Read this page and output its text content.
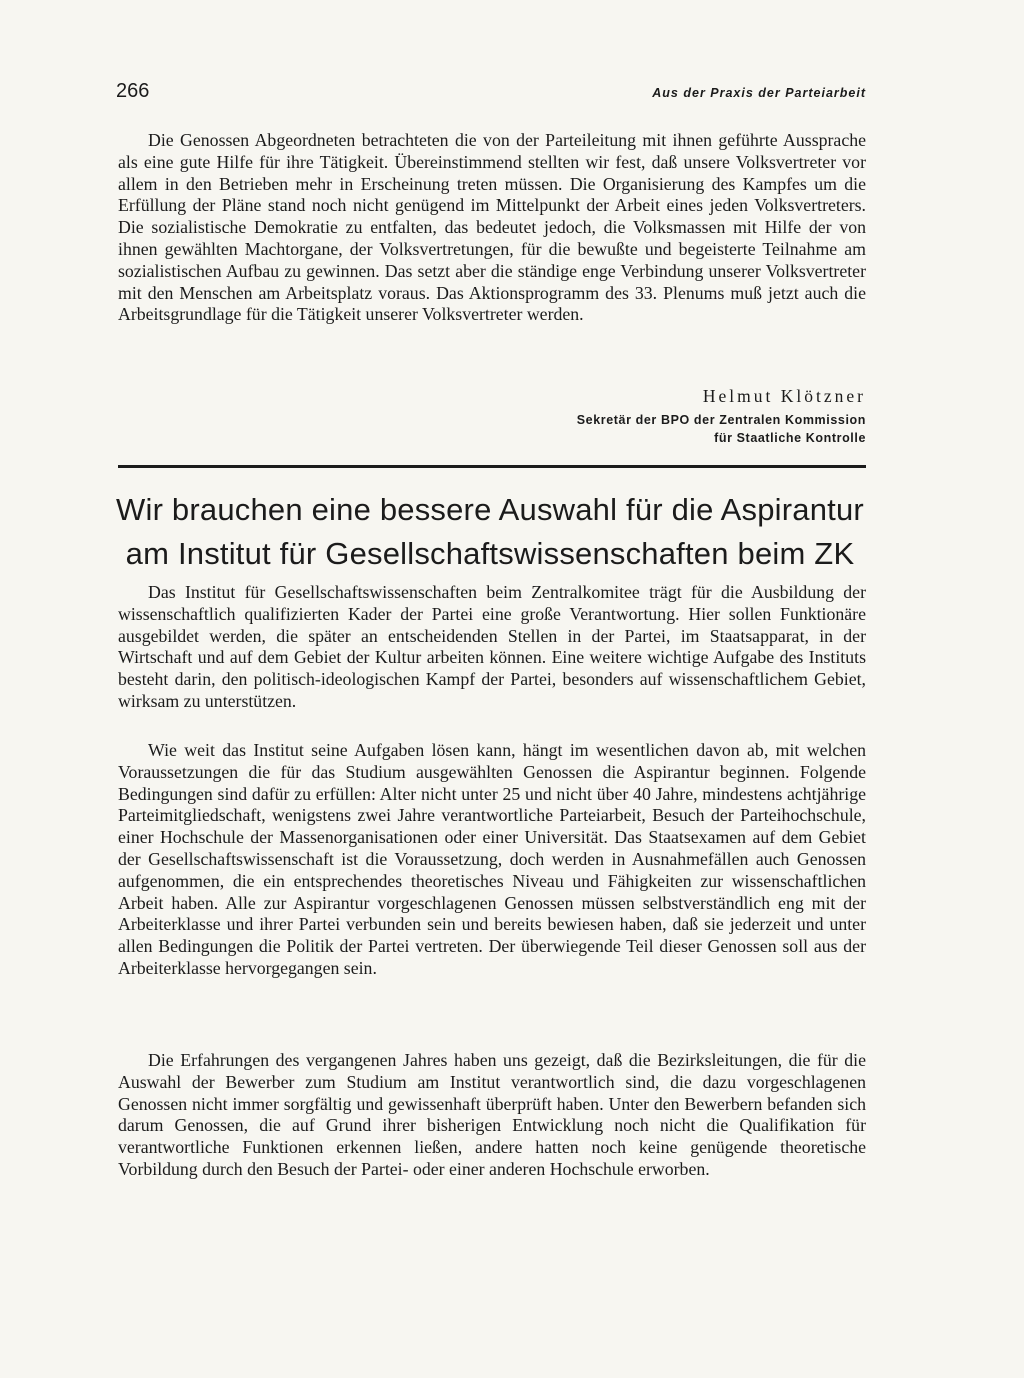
266	Aus der Praxis der Parteiarbeit

Die Genossen Abgeordneten betrachteten die von der Parteileitung mit ihnen geführte Aussprache als eine gute Hilfe für ihre Tätigkeit. Übereinstimmend stellten wir fest, daß unsere Volksvertreter vor allem in den Betrieben mehr in Erscheinung treten müssen. Die Organisierung des Kampfes um die Erfüllung der Pläne stand noch nicht genügend im Mittelpunkt der Arbeit eines jeden Volksvertreters. Die sozialistische Demokratie zu entfalten, das bedeutet jedoch, die Volksmassen mit Hilfe der von ihnen gewählten Machtorgane, der Volksvertretungen, für die bewußte und begeisterte Teilnahme am sozialistischen Aufbau zu gewinnen. Das setzt aber die ständige enge Verbindung unserer Volksvertreter mit den Menschen am Arbeitsplatz voraus. Das Aktionsprogramm des 33. Plenums muß jetzt auch die Arbeitsgrundlage für die Tätigkeit unserer Volksvertreter werden.

Helmut Klötzner
Sekretär der BPO der Zentralen Kommission
für Staatliche Kontrolle
Wir brauchen eine bessere Auswahl für die Aspirantur
am Institut für Gesellschaftswissenschaften beim ZK

Das Institut für Gesellschaftswissenschaften beim Zentralkomitee trägt für die Ausbildung der wissenschaftlich qualifizierten Kader der Partei eine große Verantwortung. Hier sollen Funktionäre ausgebildet werden, die später an entscheidenden Stellen in der Partei, im Staatsapparat, in der Wirtschaft und auf dem Gebiet der Kultur arbeiten können. Eine weitere wichtige Aufgabe des Instituts besteht darin, den politisch-ideologischen Kampf der Partei, besonders auf wissenschaftlichem Gebiet, wirksam zu unterstützen.

Wie weit das Institut seine Aufgaben lösen kann, hängt im wesentlichen davon ab, mit welchen Voraussetzungen die für das Studium ausgewählten Genossen die Aspirantur beginnen. Folgende Bedingungen sind dafür zu erfüllen: Alter nicht unter 25 und nicht über 40 Jahre, mindestens achtjährige Parteimitgliedschaft, wenigstens zwei Jahre verantwortliche Parteiarbeit, Besuch der Parteihochschule, einer Hochschule der Massenorganisationen oder einer Universität. Das Staatsexamen auf dem Gebiet der Gesellschaftswissenschaft ist die Voraussetzung, doch werden in Ausnahmefällen auch Genossen aufgenommen, die ein entsprechendes theoretisches Niveau und Fähigkeiten zur wissenschaftlichen Arbeit haben. Alle zur Aspirantur vorgeschlagenen Genossen müssen selbstverständlich eng mit der Arbeiterklasse und ihrer Partei verbunden sein und bereits bewiesen haben, daß sie jederzeit und unter allen Bedingungen die Politik der Partei vertreten. Der überwiegende Teil dieser Genossen soll aus der Arbeiterklasse hervorgegangen sein.

Die Erfahrungen des vergangenen Jahres haben uns gezeigt, daß die Bezirksleitungen, die für die Auswahl der Bewerber zum Studium am Institut verantwortlich sind, die dazu vorgeschlagenen Genossen nicht immer sorgfältig und gewissenhaft überprüft haben. Unter den Bewerbern befanden sich darum Genossen, die auf Grund ihrer bisherigen Entwicklung noch nicht die Qualifikation für verantwortliche Funktionen erkennen ließen, andere hatten noch keine genügende theoretische Vorbildung durch den Besuch der Partei- oder einer anderen Hochschule erworben.
